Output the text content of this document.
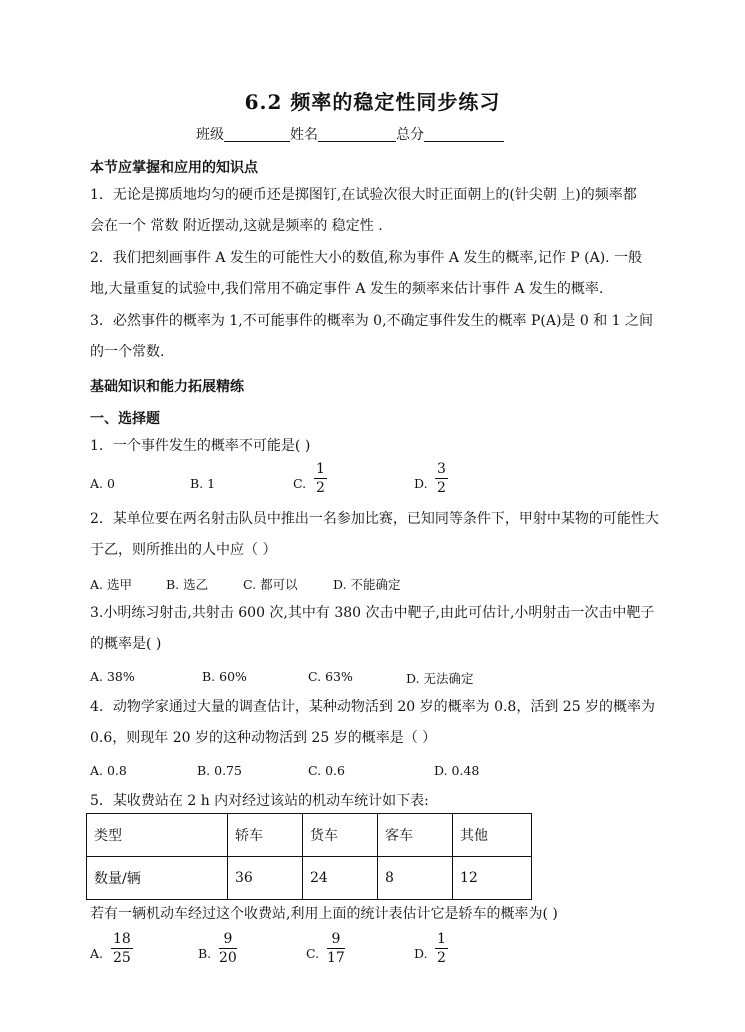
6.2 频率的稳定性同步练习
班级	姓名	总分
本节应掌握和应用的知识点
1．无论是掷质地均匀的硬币还是掷图钉,在试验次很大时正面朝上的(针尖朝 上)的频率都
会在一个 常数 附近摆动,这就是频率的 稳定性 .
2．我们把刻画事件 A 发生的可能性大小的数值,称为事件 A 发生的概率,记作 P (A). 一般
地,大量重复的试验中,我们常用不确定事件 A 发生的频率来估计事件 A 发生的概率.
3．必然事件的概率为 1,不可能事件的概率为 0,不确定事件发生的概率 P(A)是 0 和 1 之间
的一个常数.
基础知识和能力拓展精练
一、选择题
1．一个事件发生的概率不可能是( )
A. 0	B. 1	C. $\frac{1}{2}$	D. $\frac{3}{2}$
2．某单位要在两名射击队员中推出一名参加比赛，已知同等条件下，甲射中某物的可能性大
于乙，则所推出的人中应（ ）
A. 选甲	B. 选乙	C. 都可以	D. 不能确定
3.小明练习射击,共射击 600 次,其中有 380 次击中靶子,由此可估计,小明射击一次击中靶子
的概率是( )
A. 38%	B. 60%	C. 63%	D. 无法确定
4．动物学家通过大量的调查估计，某种动物活到 20 岁的概率为 0.8，活到 25 岁的概率为
0.6，则现年 20 岁的这种动物活到 25 岁的概率是（ ）
A. 0.8	B. 0.75	C. 0.6	D. 0.48
5．某收费站在 2 h 内对经过该站的机动车统计如下表:
类型	轿车	货车	客车	其他
数量/辆	36	24	8	12
若有一辆机动车经过这个收费站,利用上面的统计表估计它是轿车的概率为( )
A. $\frac{18}{25}$	B. $\frac{9}{20}$	C. $\frac{9}{17}$	D. $\frac{1}{2}$
